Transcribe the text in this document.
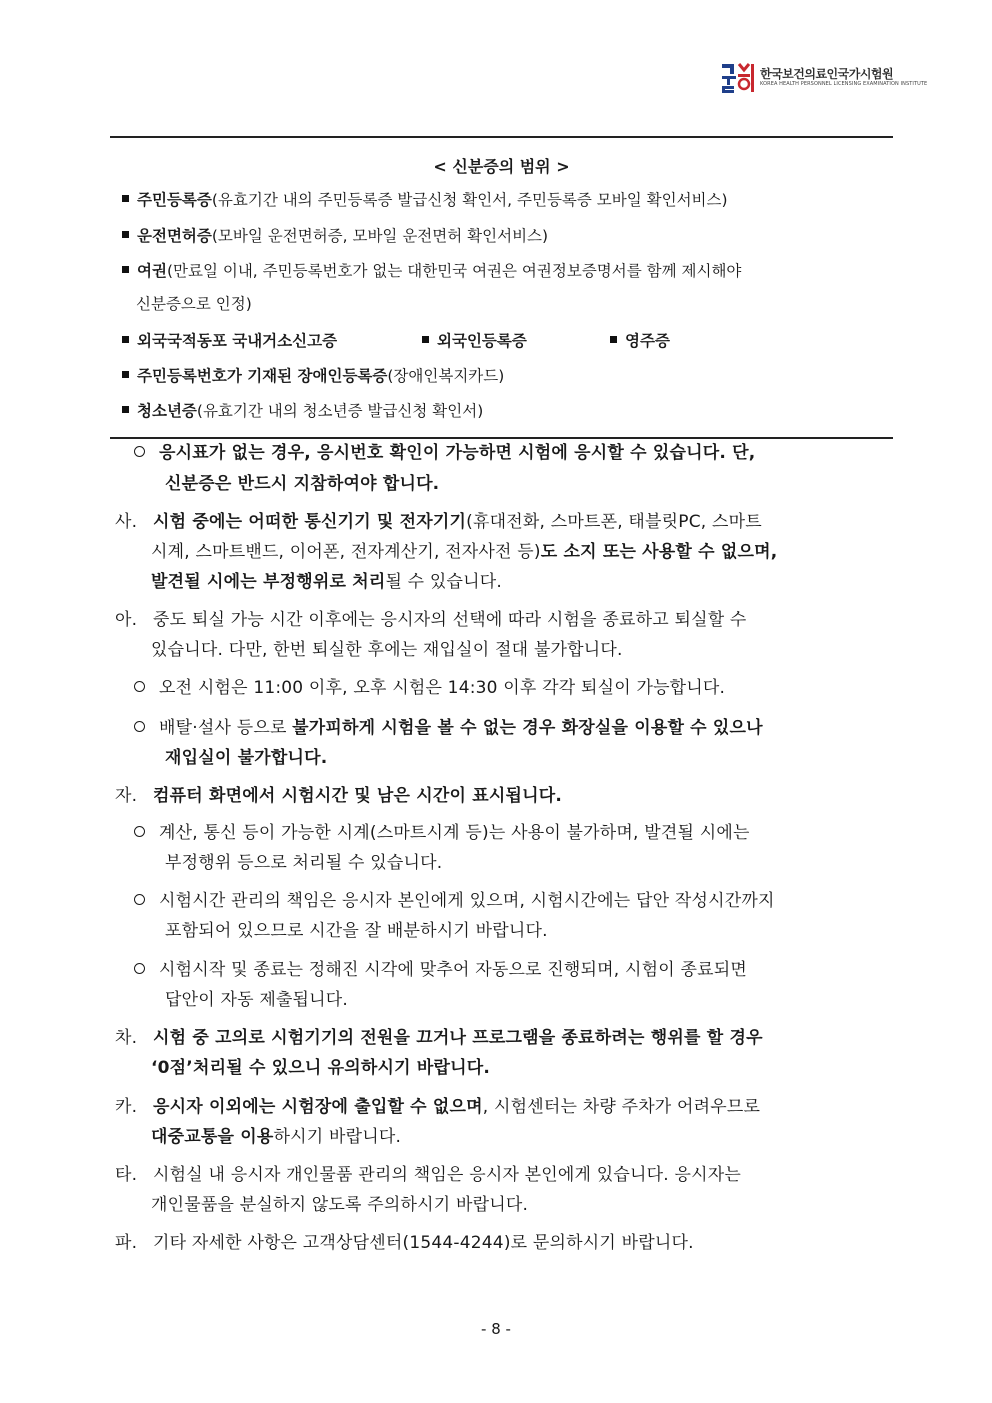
한국보건의료인국가시험원
KOREA HEALTH PERSONNEL LICENSING EXAMINATION INSTITUTE
< 신분증의 범위 >
주민등록증(유효기간 내의 주민등록증 발급신청 확인서, 주민등록증 모바일 확인서비스)
운전면허증(모바일 운전면허증, 모바일 운전면허 확인서비스)
여권(만료일 이내, 주민등록번호가 없는 대한민국 여권은 여권정보증명서를 함께 제시해야
신분증으로 인정)
외국국적동포 국내거소신고증	외국인등록증	영주증
주민등록번호가 기재된 장애인등록증(장애인복지카드)
청소년증(유효기간 내의 청소년증 발급신청 확인서)
응시표가 없는 경우, 응시번호 확인이 가능하면 시험에 응시할 수 있습니다. 단,
신분증은 반드시 지참하여야 합니다.
사. 시험 중에는 어떠한 통신기기 및 전자기기(휴대전화, 스마트폰, 태블릿PC, 스마트
시계, 스마트밴드, 이어폰, 전자계산기, 전자사전 등)도 소지 또는 사용할 수 없으며,
발견될 시에는 부정행위로 처리될 수 있습니다.
아. 중도 퇴실 가능 시간 이후에는 응시자의 선택에 따라 시험을 종료하고 퇴실할 수
있습니다. 다만, 한번 퇴실한 후에는 재입실이 절대 불가합니다.
오전 시험은 11:00 이후, 오후 시험은 14:30 이후 각각 퇴실이 가능합니다.
배탈·설사 등으로 불가피하게 시험을 볼 수 없는 경우 화장실을 이용할 수 있으나
재입실이 불가합니다.
자. 컴퓨터 화면에서 시험시간 및 남은 시간이 표시됩니다.
계산, 통신 등이 가능한 시계(스마트시계 등)는 사용이 불가하며, 발견될 시에는
부정행위 등으로 처리될 수 있습니다.
시험시간 관리의 책임은 응시자 본인에게 있으며, 시험시간에는 답안 작성시간까지
포함되어 있으므로 시간을 잘 배분하시기 바랍니다.
시험시작 및 종료는 정해진 시각에 맞추어 자동으로 진행되며, 시험이 종료되면
답안이 자동 제출됩니다.
차. 시험 중 고의로 시험기기의 전원을 끄거나 프로그램을 종료하려는 행위를 할 경우
‘0점’처리될 수 있으니 유의하시기 바랍니다.
카. 응시자 이외에는 시험장에 출입할 수 없으며, 시험센터는 차량 주차가 어려우므로
대중교통을 이용하시기 바랍니다.
타. 시험실 내 응시자 개인물품 관리의 책임은 응시자 본인에게 있습니다. 응시자는
개인물품을 분실하지 않도록 주의하시기 바랍니다.
파. 기타 자세한 사항은 고객상담센터(1544-4244)로 문의하시기 바랍니다.
- 8 -
